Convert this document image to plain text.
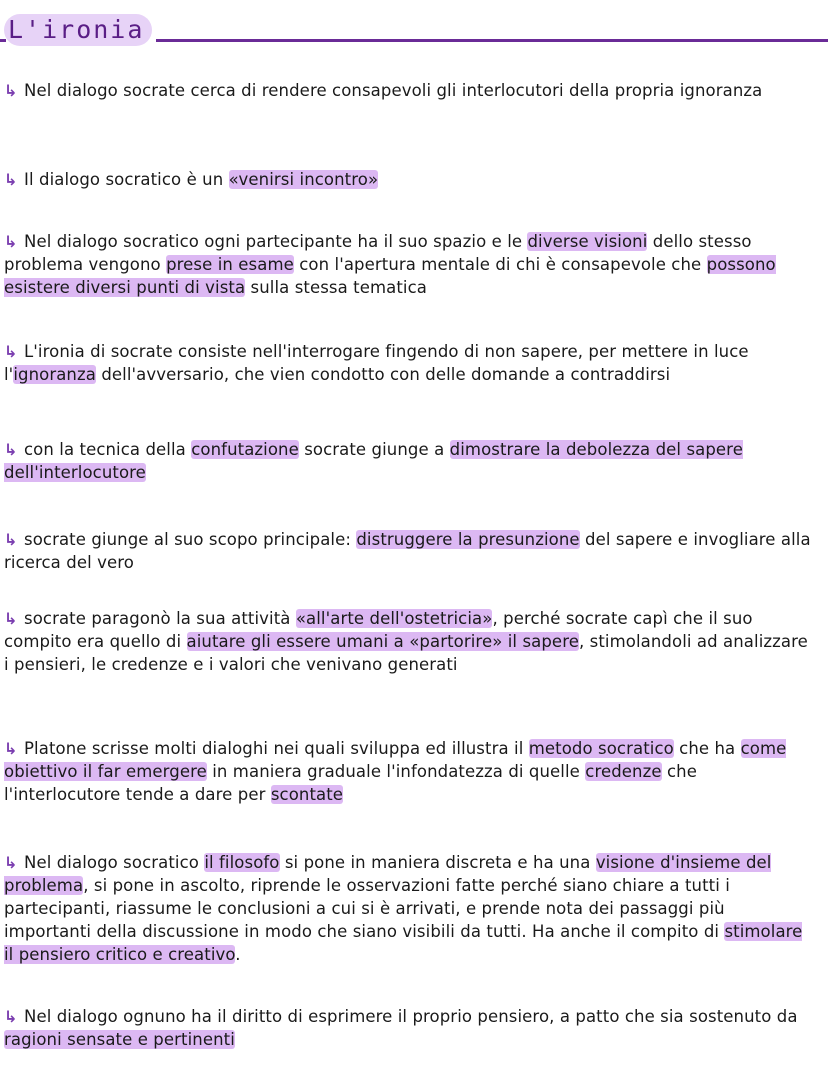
L'ironia
↳ Nel dialogo socrate cerca di rendere consapevoli gli interlocutori della propria ignoranza
↳ Il dialogo socratico è un «venirsi incontro»
↳ Nel dialogo socratico ogni partecipante ha il suo spazio e le diverse visioni dello stesso problema vengono prese in esame con l'apertura mentale di chi è consapevole che possono esistere diversi punti di vista sulla stessa tematica
↳ L'ironia di socrate consiste nell'interrogare fingendo di non sapere, per mettere in luce l'ignoranza dell'avversario, che vien condotto con delle domande a contraddirsi
↳ con la tecnica della confutazione socrate giunge a dimostrare la debolezza del sapere dell'interlocutore
↳ socrate giunge al suo scopo principale: distruggere la presunzione del sapere e invogliare alla ricerca del vero
↳ socrate paragonò la sua attività «all'arte dell'ostetricia», perché socrate capì che il suo compito era quello di aiutare gli essere umani a «partorire» il sapere, stimolandoli ad analizzare i pensieri, le credenze e i valori che venivano generati
↳ Platone scrisse molti dialoghi nei quali sviluppa ed illustra il metodo socratico che ha come obiettivo il far emergere in maniera graduale l'infondatezza di quelle credenze che l'interlocutore tende a dare per scontate
↳ Nel dialogo socratico il filosofo si pone in maniera discreta e ha una visione d'insieme del problema, si pone in ascolto, riprende le osservazioni fatte perché siano chiare a tutti i partecipanti, riassume le conclusioni a cui si è arrivati, e prende nota dei passaggi più importanti della discussione in modo che siano visibili da tutti. Ha anche il compito di stimolare il pensiero critico e creativo.
↳ Nel dialogo ognuno ha il diritto di esprimere il proprio pensiero, a patto che sia sostenuto da ragioni sensate e pertinenti
